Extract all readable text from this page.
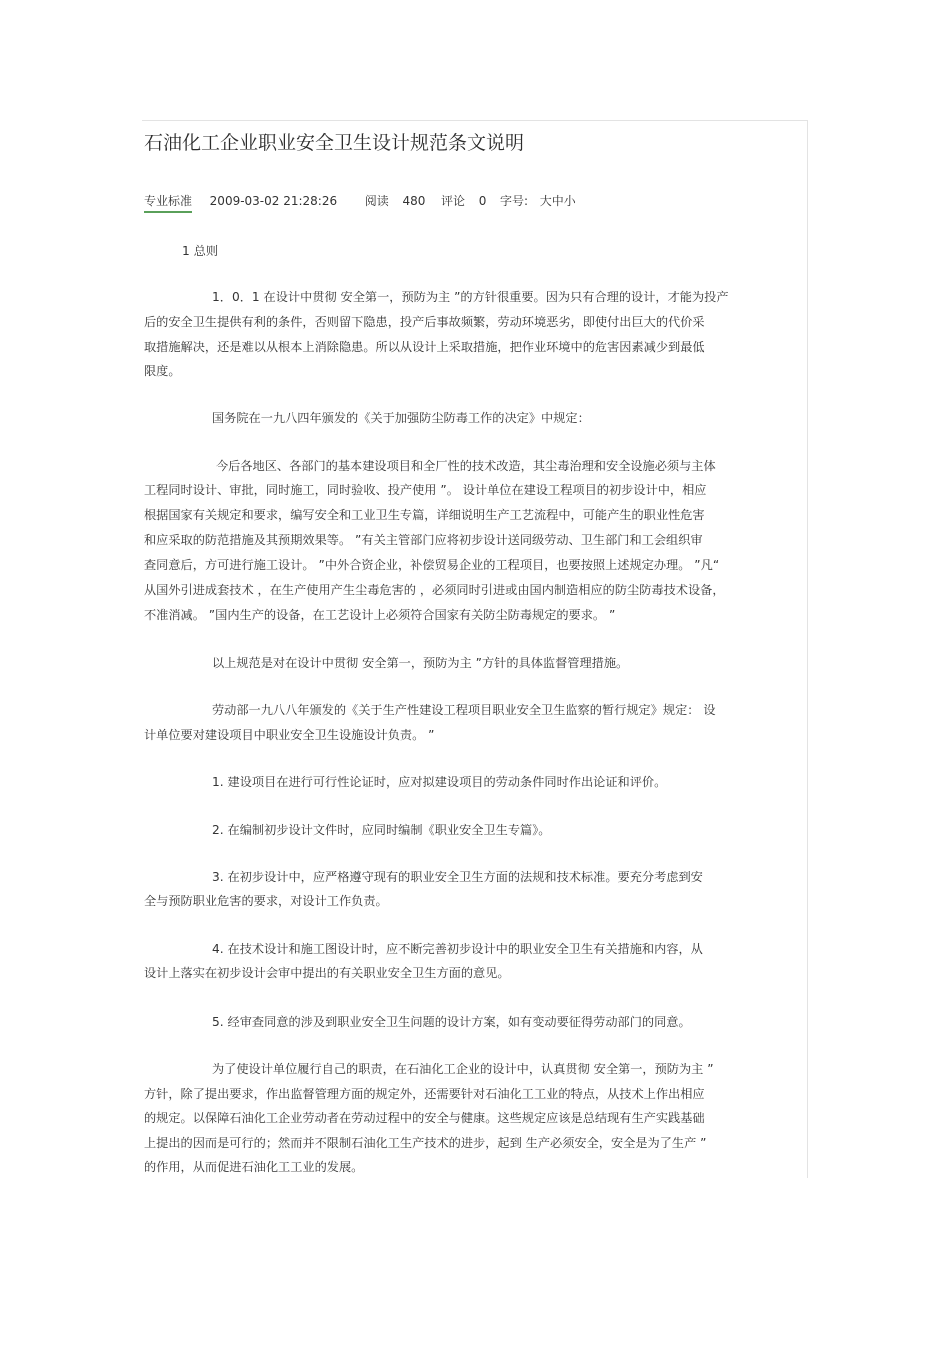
石油化工企业职业安全卫生设计规范条文说明
专业标准 2009-03-02 21:28:26 阅读 480 评论 0 字号: 大中小
1 总则
1．0．1 在设计中贯彻 安全第一，预防为主 ”的方针很重要。因为只有合理的设计，才能为投产
后的安全卫生提供有利的条件，否则留下隐患，投产后事故频繁，劳动环境恶劣，即使付出巨大的代价采
取措施解决，还是难以从根本上消除隐患。所以从设计上采取措施，把作业环境中的危害因素减少到最低
限度。
国务院在一九八四年颁发的《关于加强防尘防毒工作的决定》中规定：
今后各地区、各部门的基本建设项目和全厂性的技术改造，其尘毒治理和安全设施必须与主体
工程同时设计、审批，同时施工，同时验收、投产使用 ”。 设计单位在建设工程项目的初步设计中，相应
根据国家有关规定和要求，编写安全和工业卫生专篇，详细说明生产工艺流程中，可能产生的职业性危害
和应采取的防范措施及其预期效果等。 ”有关主管部门应将初步设计送同级劳动、卫生部门和工会组织审
查同意后，方可进行施工设计。 ”中外合资企业，补偿贸易企业的工程项目，也要按照上述规定办理。 ”凡“
从国外引进成套技术 ，在生产使用产生尘毒危害的 ，必须同时引进或由国内制造相应的防尘防毒技术设备，
不准消减。 ”国内生产的设备，在工艺设计上必须符合国家有关防尘防毒规定的要求。 ”
以上规范是对在设计中贯彻 安全第一，预防为主 ”方针的具体监督管理措施。
劳动部一九八八年颁发的《关于生产性建设工程项目职业安全卫生监察的暂行规定》规定： 设
计单位要对建设项目中职业安全卫生设施设计负责。 ”
1. 建设项目在进行可行性论证时，应对拟建设项目的劳动条件同时作出论证和评价。
2. 在编制初步设计文件时，应同时编制《职业安全卫生专篇》。
3. 在初步设计中，应严格遵守现有的职业安全卫生方面的法规和技术标准。要充分考虑到安
全与预防职业危害的要求，对设计工作负责。
4. 在技术设计和施工图设计时，应不断完善初步设计中的职业安全卫生有关措施和内容，从
设计上落实在初步设计会审中提出的有关职业安全卫生方面的意见。
5. 经审查同意的涉及到职业安全卫生问题的设计方案，如有变动要征得劳动部门的同意。
为了使设计单位履行自己的职责，在石油化工企业的设计中，认真贯彻 安全第一，预防为主 ”
方针，除了提出要求，作出监督管理方面的规定外，还需要针对石油化工工业的特点，从技术上作出相应
的规定。以保障石油化工企业劳动者在劳动过程中的安全与健康。这些规定应该是总结现有生产实践基础
上提出的因而是可行的；然而并不限制石油化工生产技术的进步，起到 生产必须安全，安全是为了生产 ”
的作用，从而促进石油化工工业的发展。
